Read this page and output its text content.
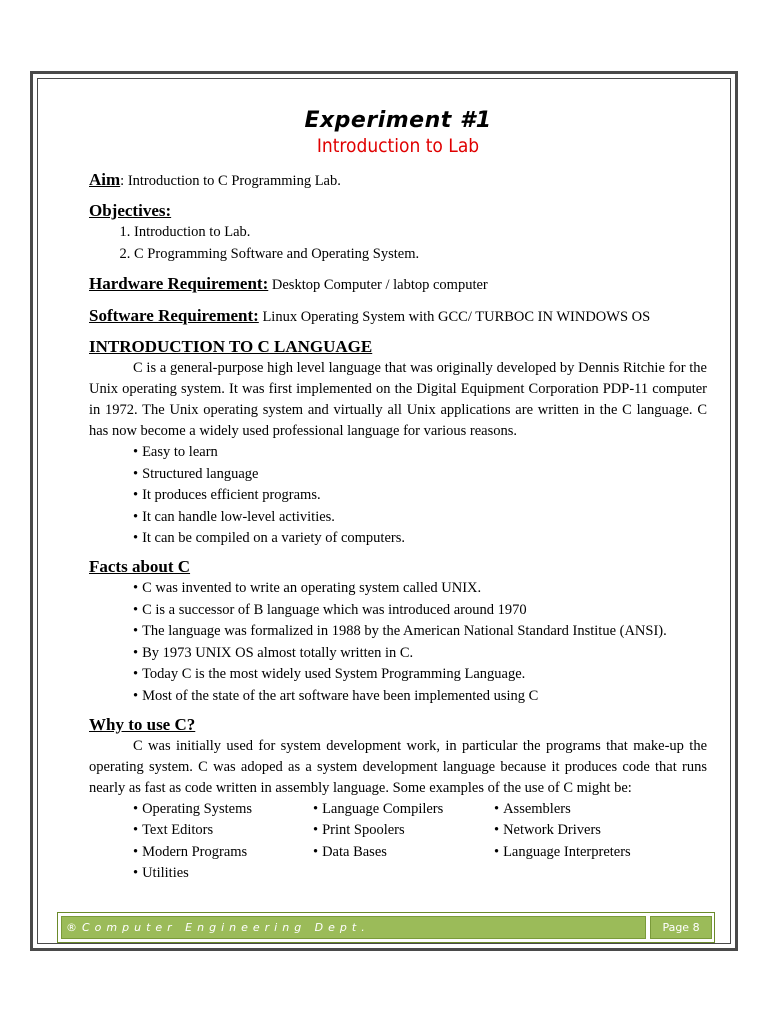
Experiment #1
Introduction to Lab
Aim: Introduction to C Programming Lab.
Objectives:
1. Introduction to Lab.
2. C Programming Software and Operating System.
Hardware Requirement: Desktop Computer / labtop computer
Software Requirement: Linux Operating System with GCC/ TURBOC IN WINDOWS OS
INTRODUCTION TO C LANGUAGE
C is a general-purpose high level language that was originally developed by Dennis Ritchie for the Unix operating system. It was first implemented on the Digital Equipment Corporation PDP-11 computer in 1972. The Unix operating system and virtually all Unix applications are written in the C language. C has now become a widely used professional language for various reasons.
• Easy to learn
• Structured language
• It produces efficient programs.
• It can handle low-level activities.
• It can be compiled on a variety of computers.
Facts about C
• C was invented to write an operating system called UNIX.
• C is a successor of B language which was introduced around 1970
• The language was formalized in 1988 by the American National Standard Institue (ANSI).
• By 1973 UNIX OS almost totally written in C.
• Today C is the most widely used System Programming Language.
• Most of the state of the art software have been implemented using C
Why to use C?
C was initially used for system development work, in particular the programs that make-up the operating system. C was adoped as a system development language because it produces code that runs nearly as fast as code written in assembly language. Some examples of the use of C might be:
• Operating Systems	• Language Compilers	• Assemblers
• Text Editors	• Print Spoolers	• Network Drivers
• Modern Programs	• Data Bases	• Language Interpreters
• Utilities
®Computer Engineering Dept.	Page 8
